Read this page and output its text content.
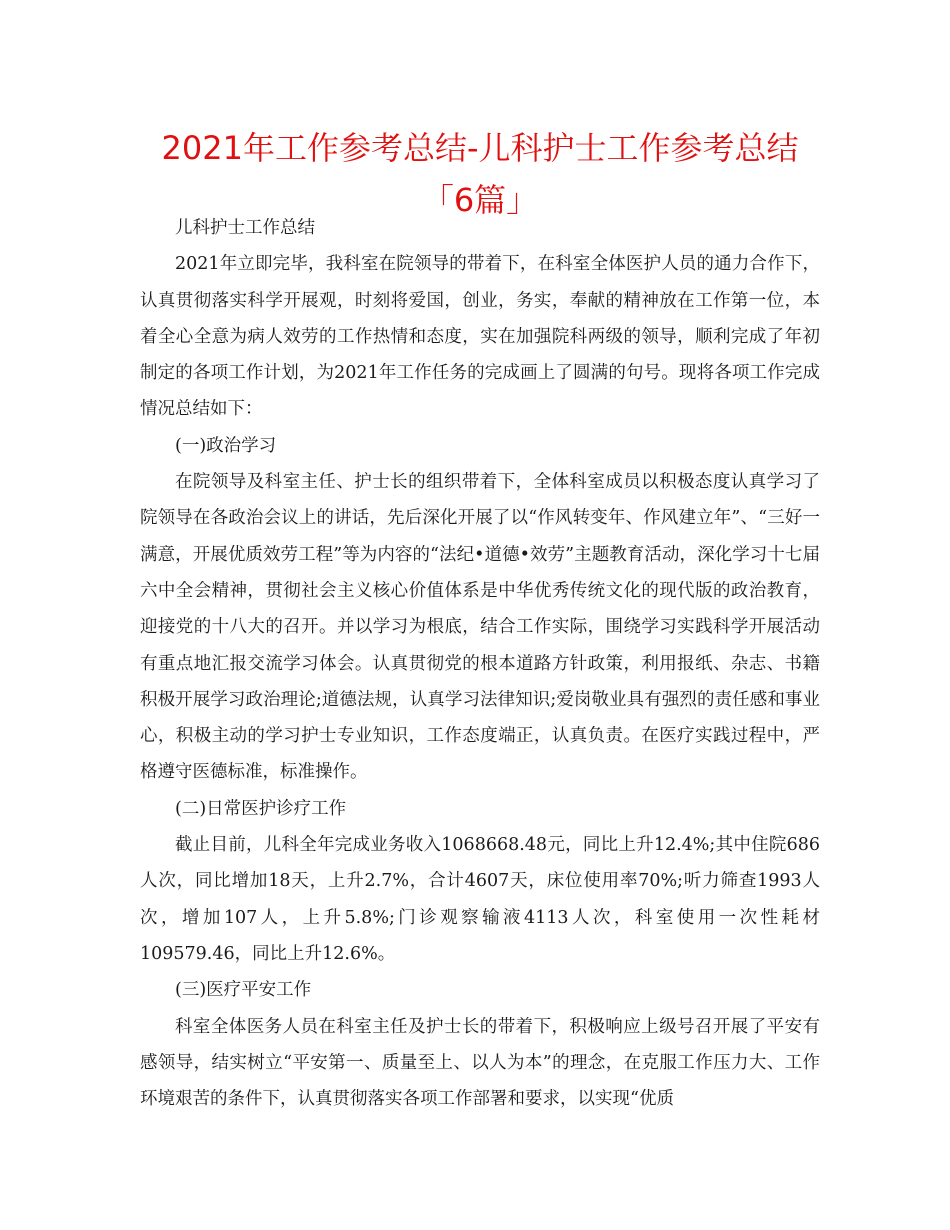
2021年工作参考总结-儿科护士工作参考总结
「6篇」

儿科护士工作总结

2021年立即完毕，我科室在院领导的带着下，在科室全体医护人员的通力合作下，认真贯彻落实科学开展观，时刻将爱国，创业，务实，奉献的精神放在工作第一位，本着全心全意为病人效劳的工作热情和态度，实在加强院科两级的领导，顺利完成了年初制定的各项工作计划，为2021年工作任务的完成画上了圆满的句号。现将各项工作完成情况总结如下：

(一)政治学习

在院领导及科室主任、护士长的组织带着下，全体科室成员以积极态度认真学习了院领导在各政治会议上的讲话，先后深化开展了以“作风转变年、作风建立年”、“三好一满意，开展优质效劳工程”等为内容的“法纪•道德•效劳”主题教育活动，深化学习十七届六中全会精神，贯彻社会主义核心价值体系是中华优秀传统文化的现代版的政治教育，迎接党的十八大的召开。并以学习为根底，结合工作实际，围绕学习实践科学开展活动有重点地汇报交流学习体会。认真贯彻党的根本道路方针政策，利用报纸、杂志、书籍积极开展学习政治理论;道德法规，认真学习法律知识;爱岗敬业具有强烈的责任感和事业心，积极主动的学习护士专业知识，工作态度端正，认真负责。在医疗实践过程中，严格遵守医德标准，标准操作。

(二)日常医护诊疗工作

截止目前，儿科全年完成业务收入1068668.48元，同比上升12.4%;其中住院686人次，同比增加18天，上升2.7%，合计4607天，床位使用率70%;听力筛查1993人次，增加107人，上升5.8%;门诊观察输液4113人次，科室使用一次性耗材109579.46，同比上升12.6%。

(三)医疗平安工作

科室全体医务人员在科室主任及护士长的带着下，积极响应上级号召开展了平安有感领导，结实树立“平安第一、质量至上、以人为本”的理念，在克服工作压力大、工作环境艰苦的条件下，认真贯彻落实各项工作部署和要求，以实现“优质
